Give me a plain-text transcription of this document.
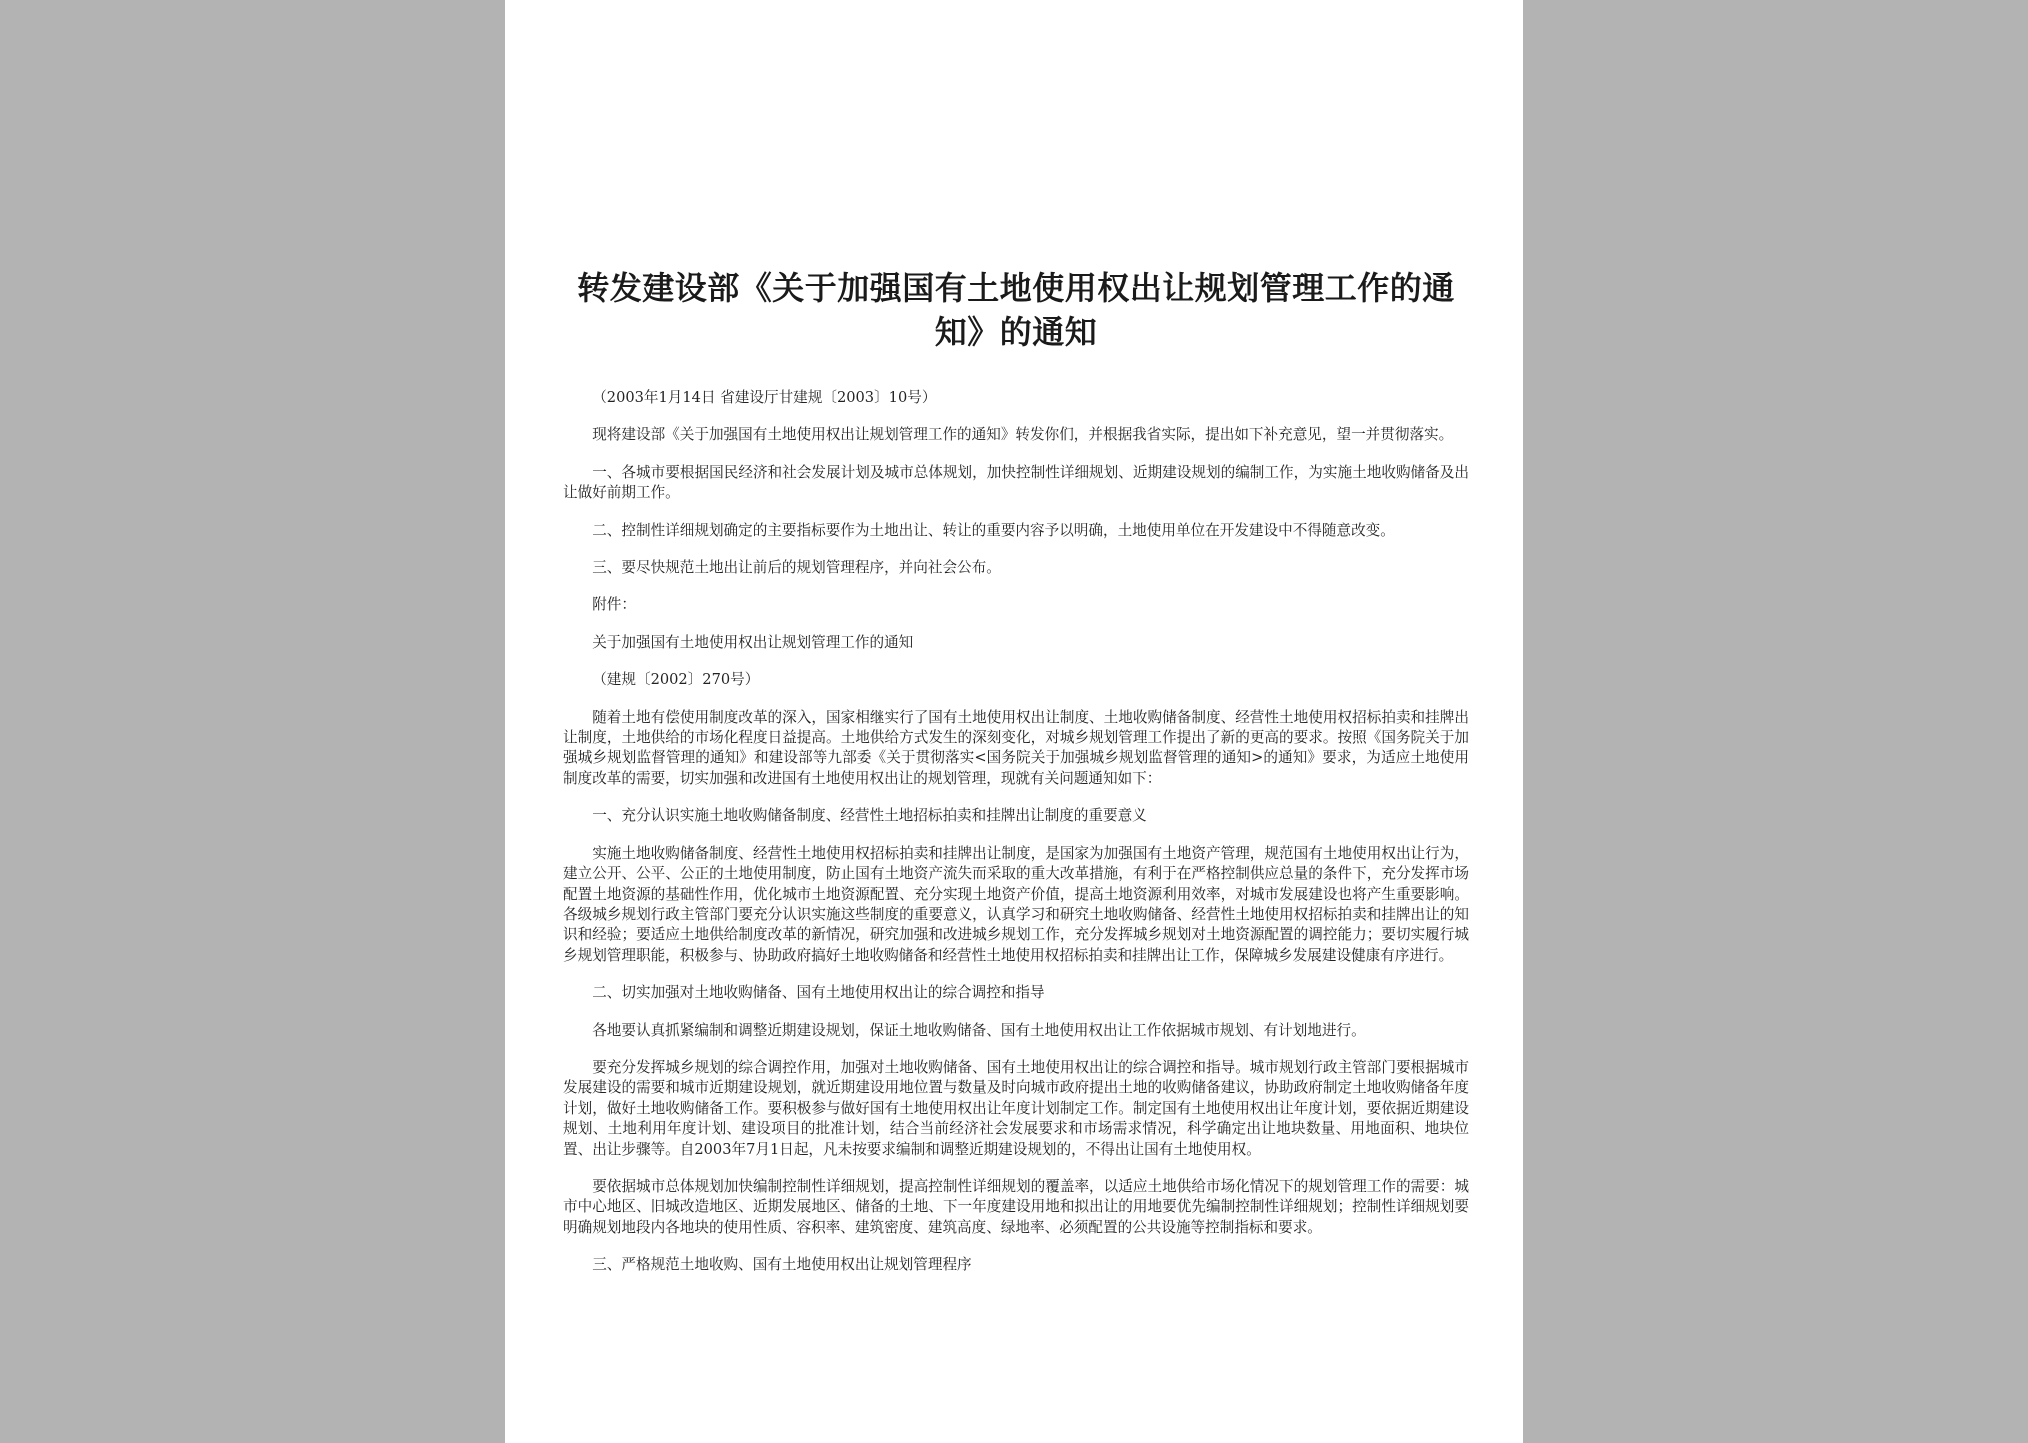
转发建设部《关于加强国有土地使用权出让规划管理工作的通知》的通知

（2003年1月14日 省建设厅甘建规〔2003〕10号）

现将建设部《关于加强国有土地使用权出让规划管理工作的通知》转发你们，并根据我省实际，提出如下补充意见，望一并贯彻落实。

一、各城市要根据国民经济和社会发展计划及城市总体规划，加快控制性详细规划、近期建设规划的编制工作，为实施土地收购储备及出让做好前期工作。

二、控制性详细规划确定的主要指标要作为土地出让、转让的重要内容予以明确，土地使用单位在开发建设中不得随意改变。

三、要尽快规范土地出让前后的规划管理程序，并向社会公布。

附件：

关于加强国有土地使用权出让规划管理工作的通知

（建规〔2002〕270号）

随着土地有偿使用制度改革的深入，国家相继实行了国有土地使用权出让制度、土地收购储备制度、经营性土地使用权招标拍卖和挂牌出让制度，土地供给的市场化程度日益提高。土地供给方式发生的深刻变化，对城乡规划管理工作提出了新的更高的要求。按照《国务院关于加强城乡规划监督管理的通知》和建设部等九部委《关于贯彻落实<国务院关于加强城乡规划监督管理的通知>的通知》要求，为适应土地使用制度改革的需要，切实加强和改进国有土地使用权出让的规划管理，现就有关问题通知如下：

一、充分认识实施土地收购储备制度、经营性土地招标拍卖和挂牌出让制度的重要意义

实施土地收购储备制度、经营性土地使用权招标拍卖和挂牌出让制度，是国家为加强国有土地资产管理，规范国有土地使用权出让行为，建立公开、公平、公正的土地使用制度，防止国有土地资产流失而采取的重大改革措施，有利于在严格控制供应总量的条件下，充分发挥市场配置土地资源的基础性作用，优化城市土地资源配置、充分实现土地资产价值，提高土地资源利用效率，对城市发展建设也将产生重要影响。各级城乡规划行政主管部门要充分认识实施这些制度的重要意义，认真学习和研究土地收购储备、经营性土地使用权招标拍卖和挂牌出让的知识和经验；要适应土地供给制度改革的新情况，研究加强和改进城乡规划工作，充分发挥城乡规划对土地资源配置的调控能力；要切实履行城乡规划管理职能，积极参与、协助政府搞好土地收购储备和经营性土地使用权招标拍卖和挂牌出让工作，保障城乡发展建设健康有序进行。

二、切实加强对土地收购储备、国有土地使用权出让的综合调控和指导

各地要认真抓紧编制和调整近期建设规划，保证土地收购储备、国有土地使用权出让工作依据城市规划、有计划地进行。

要充分发挥城乡规划的综合调控作用，加强对土地收购储备、国有土地使用权出让的综合调控和指导。城市规划行政主管部门要根据城市发展建设的需要和城市近期建设规划，就近期建设用地位置与数量及时向城市政府提出土地的收购储备建议，协助政府制定土地收购储备年度计划，做好土地收购储备工作。要积极参与做好国有土地使用权出让年度计划制定工作。制定国有土地使用权出让年度计划，要依据近期建设规划、土地利用年度计划、建设项目的批准计划，结合当前经济社会发展要求和市场需求情况，科学确定出让地块数量、用地面积、地块位置、出让步骤等。自2003年7月1日起，凡未按要求编制和调整近期建设规划的，不得出让国有土地使用权。

要依据城市总体规划加快编制控制性详细规划，提高控制性详细规划的覆盖率，以适应土地供给市场化情况下的规划管理工作的需要：城市中心地区、旧城改造地区、近期发展地区、储备的土地、下一年度建设用地和拟出让的用地要优先编制控制性详细规划；控制性详细规划要明确规划地段内各地块的使用性质、容积率、建筑密度、建筑高度、绿地率、必须配置的公共设施等控制指标和要求。

三、严格规范土地收购、国有土地使用权出让规划管理程序
